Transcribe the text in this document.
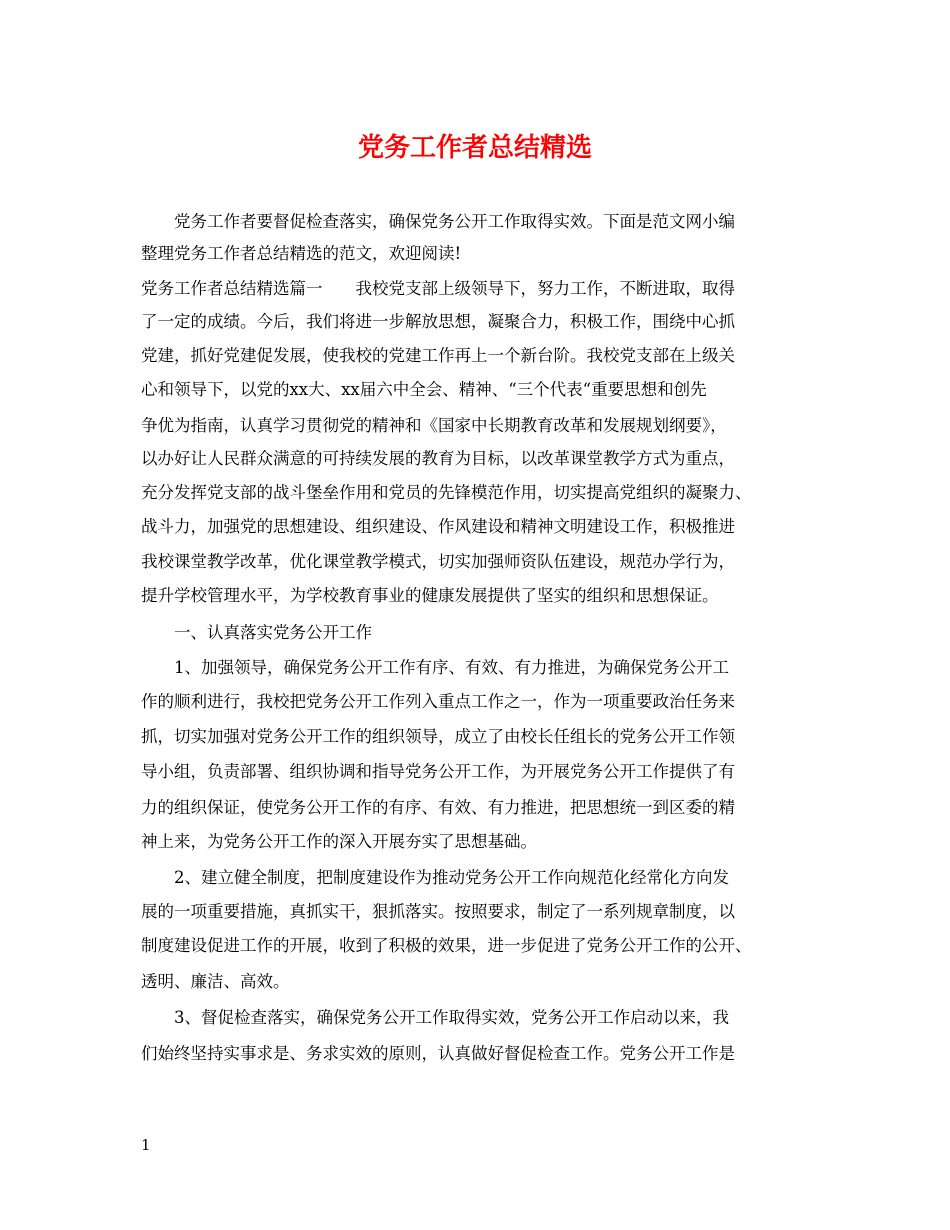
党务工作者总结精选
　　党务工作者要督促检查落实，确保党务公开工作取得实效。下面是范文网小编
整理党务工作者总结精选的范文，欢迎阅读!
党务工作者总结精选篇一　　我校党支部上级领导下，努力工作，不断进取，取得
了一定的成绩。今后，我们将进一步解放思想，凝聚合力，积极工作，围绕中心抓
党建，抓好党建促发展，使我校的党建工作再上一个新台阶。我校党支部在上级关
心和领导下，以党的xx大、xx届六中全会、精神、“三个代表“重要思想和创先
争优为指南，认真学习贯彻党的精神和《国家中长期教育改革和发展规划纲要》，
以办好让人民群众满意的可持续发展的教育为目标，以改革课堂教学方式为重点，
充分发挥党支部的战斗堡垒作用和党员的先锋模范作用，切实提高党组织的凝聚力、
战斗力，加强党的思想建设、组织建设、作风建设和精神文明建设工作，积极推进
我校课堂教学改革，优化课堂教学模式，切实加强师资队伍建设，规范办学行为，
提升学校管理水平，为学校教育事业的健康发展提供了坚实的组织和思想保证。
　　一、认真落实党务公开工作
　　1、加强领导，确保党务公开工作有序、有效、有力推进，为确保党务公开工
作的顺利进行，我校把党务公开工作列入重点工作之一，作为一项重要政治任务来
抓，切实加强对党务公开工作的组织领导，成立了由校长任组长的党务公开工作领
导小组，负责部署、组织协调和指导党务公开工作，为开展党务公开工作提供了有
力的组织保证，使党务公开工作的有序、有效、有力推进，把思想统一到区委的精
神上来，为党务公开工作的深入开展夯实了思想基础。
　　2、建立健全制度，把制度建设作为推动党务公开工作向规范化经常化方向发
展的一项重要措施，真抓实干，狠抓落实。按照要求，制定了一系列规章制度，以
制度建设促进工作的开展，收到了积极的效果，进一步促进了党务公开工作的公开、
透明、廉洁、高效。
　　3、督促检查落实，确保党务公开工作取得实效，党务公开工作启动以来，我
们始终坚持实事求是、务求实效的原则，认真做好督促检查工作。党务公开工作是
1
